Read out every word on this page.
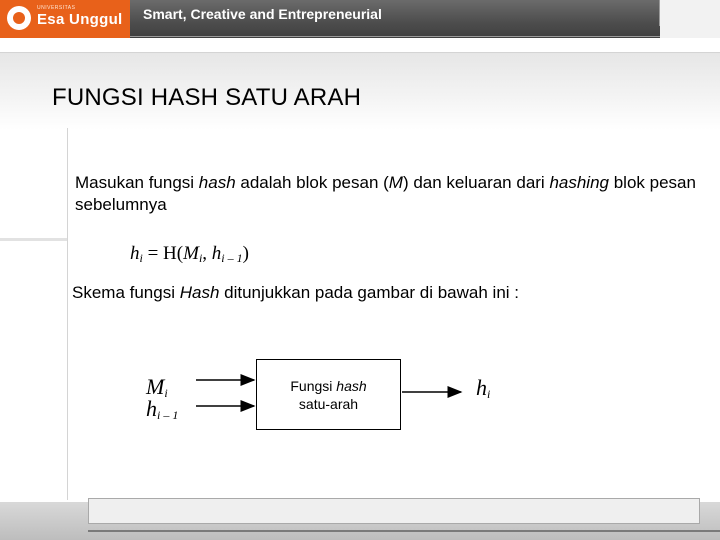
UNIVERSITAS
Esa Unggul Smart, Creative and Entrepreneurial
FUNGSI HASH SATU ARAH

Masukan fungsi hash adalah blok pesan (M) dan keluaran dari hashing blok pesan sebelumnya

$h_i = H(M_i$, $h_{i - 1}$)

Skema fungsi Hash ditunjukkan pada gambar di bawah ini :

$M_i$
$h_{i - 1}$
Fungsi hash
satu-arah
$h_i$
